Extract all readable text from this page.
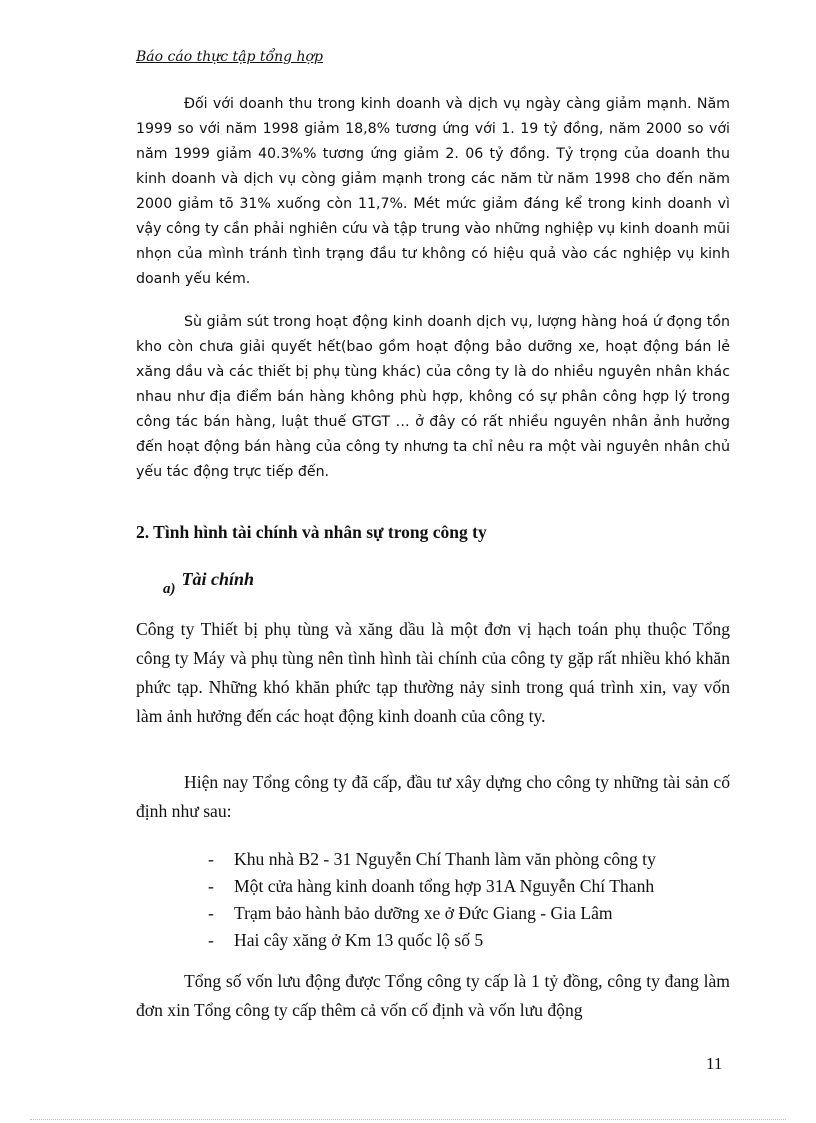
Báo cáo thực tập tổng hợp

Đối với doanh thu trong kinh doanh và dịch vụ ngày càng giảm mạnh. Năm 1999 so với năm 1998 giảm 18,8% tương ứng với 1. 19 tỷ đồng, năm 2000 so với năm 1999 giảm 40.3%% tương ứng giảm 2. 06 tỷ đồng. Tỷ trọng của doanh thu kinh doanh và dịch vụ còng giảm mạnh trong các năm từ năm 1998 cho đến năm 2000 giảm tõ 31% xuống còn 11,7%. Mét mức giảm đáng kể trong kinh doanh vì vậy công ty cần phải nghiên cứu và tập trung vào những nghiệp vụ kinh doanh mũi nhọn của mình tránh tình trạng đầu tư không có hiệu quả vào các nghiệp vụ kinh doanh yếu kém.

Sù giảm sút trong hoạt động kinh doanh dịch vụ, lượng hàng hoá ứ đọng tồn kho còn chưa giải quyết hết(bao gồm hoạt động bảo dưỡng xe, hoạt động bán lẻ xăng dầu và các thiết bị phụ tùng khác) của công ty là do nhiều nguyên nhân khác nhau như địa điểm bán hàng không phù hợp, không có sự phân công hợp lý trong công tác bán hàng, luật thuế GTGT … ở đây có rất nhiều nguyên nhân ảnh hưởng đến hoạt động bán hàng của công ty nhưng ta chỉ nêu ra một vài nguyên nhân chủ yếu tác động trực tiếp đến.

2. Tình hình tài chính và nhân sự trong công ty
a) Tài chính

Công ty Thiết bị phụ tùng và xăng dầu là một đơn vị hạch toán phụ thuộc Tổng công ty Máy và phụ tùng nên tình hình tài chính của công ty gặp rất nhiều khó khăn phức tạp. Những khó khăn phức tạp thường nảy sinh trong quá trình xin, vay vốn làm ảnh hưởng đến các hoạt động kinh doanh của công ty.

Hiện nay Tổng công ty đã cấp, đầu tư xây dựng cho công ty những tài sản cố định như sau:

-	Khu nhà B2 - 31 Nguyễn Chí Thanh làm văn phòng công ty
-	Một cửa hàng kinh doanh tổng hợp 31A Nguyễn Chí Thanh
-	Trạm bảo hành bảo dưỡng xe ở Đức Giang - Gia Lâm
-	Hai cây xăng ở Km 13 quốc lộ số 5

Tổng số vốn lưu động được Tổng công ty cấp là 1 tỷ đồng, công ty đang làm đơn xin Tổng công ty cấp thêm cả vốn cố định và vốn lưu động

11
